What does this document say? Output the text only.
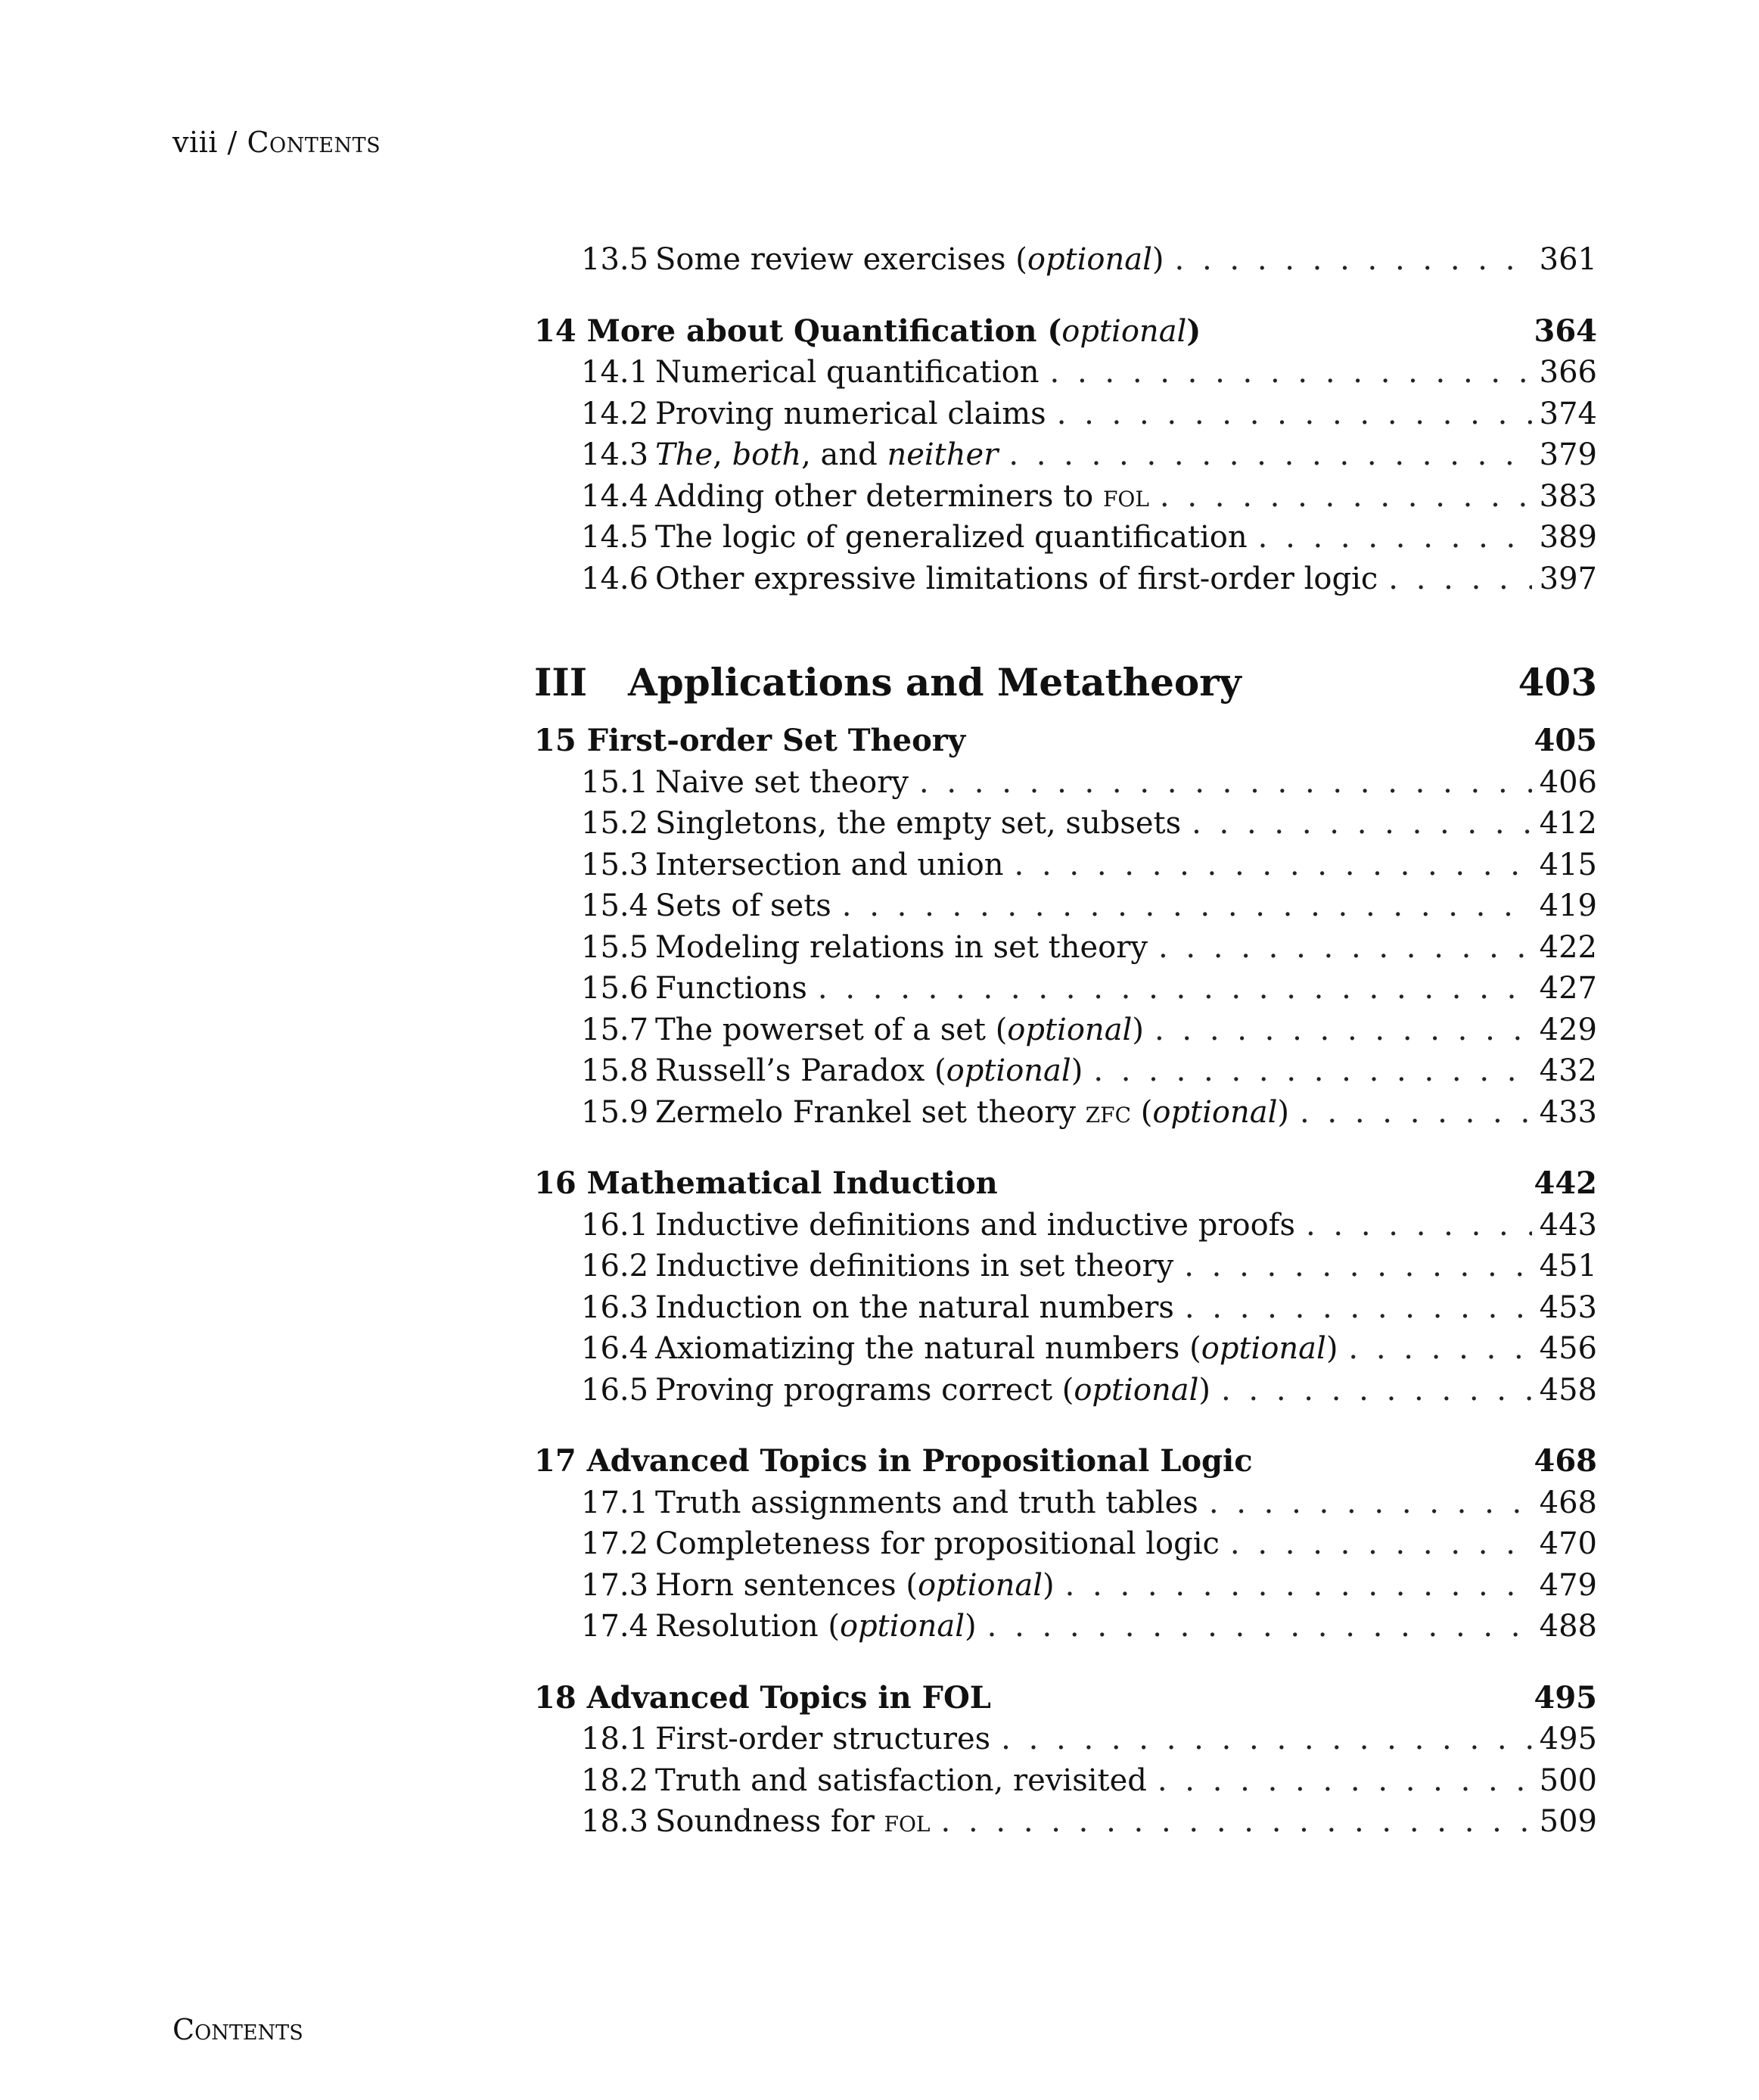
viii / Contents
13.5 Some review exercises (optional) . . .	361
14 More about Quantification (optional)	364
14.1 Numerical quantification . . .	366
14.2 Proving numerical claims . . .	374
14.3 The, both, and neither . . .	379
14.4 Adding other determiners to fol . . .	383
14.5 The logic of generalized quantification . . .	389
14.6 Other expressive limitations of first-order logic . . .	397
III	Applications and Metatheory	403
15 First-order Set Theory	405
15.1 Naive set theory . . .	406
15.2 Singletons, the empty set, subsets . . .	412
15.3 Intersection and union . . .	415
15.4 Sets of sets . . .	419
15.5 Modeling relations in set theory . . .	422
15.6 Functions . . .	427
15.7 The powerset of a set (optional) . . .	429
15.8 Russell’s Paradox (optional) . . .	432
15.9 Zermelo Frankel set theory zfc (optional) . . .	433
16 Mathematical Induction	442
16.1 Inductive definitions and inductive proofs . . .	443
16.2 Inductive definitions in set theory . . .	451
16.3 Induction on the natural numbers . . .	453
16.4 Axiomatizing the natural numbers (optional) . . .	456
16.5 Proving programs correct (optional) . . .	458
17 Advanced Topics in Propositional Logic	468
17.1 Truth assignments and truth tables . . .	468
17.2 Completeness for propositional logic . . .	470
17.3 Horn sentences (optional) . . .	479
17.4 Resolution (optional) . . .	488
18 Advanced Topics in FOL	495
18.1 First-order structures . . .	495
18.2 Truth and satisfaction, revisited . . .	500
18.3 Soundness for fol . . .	509
Contents
